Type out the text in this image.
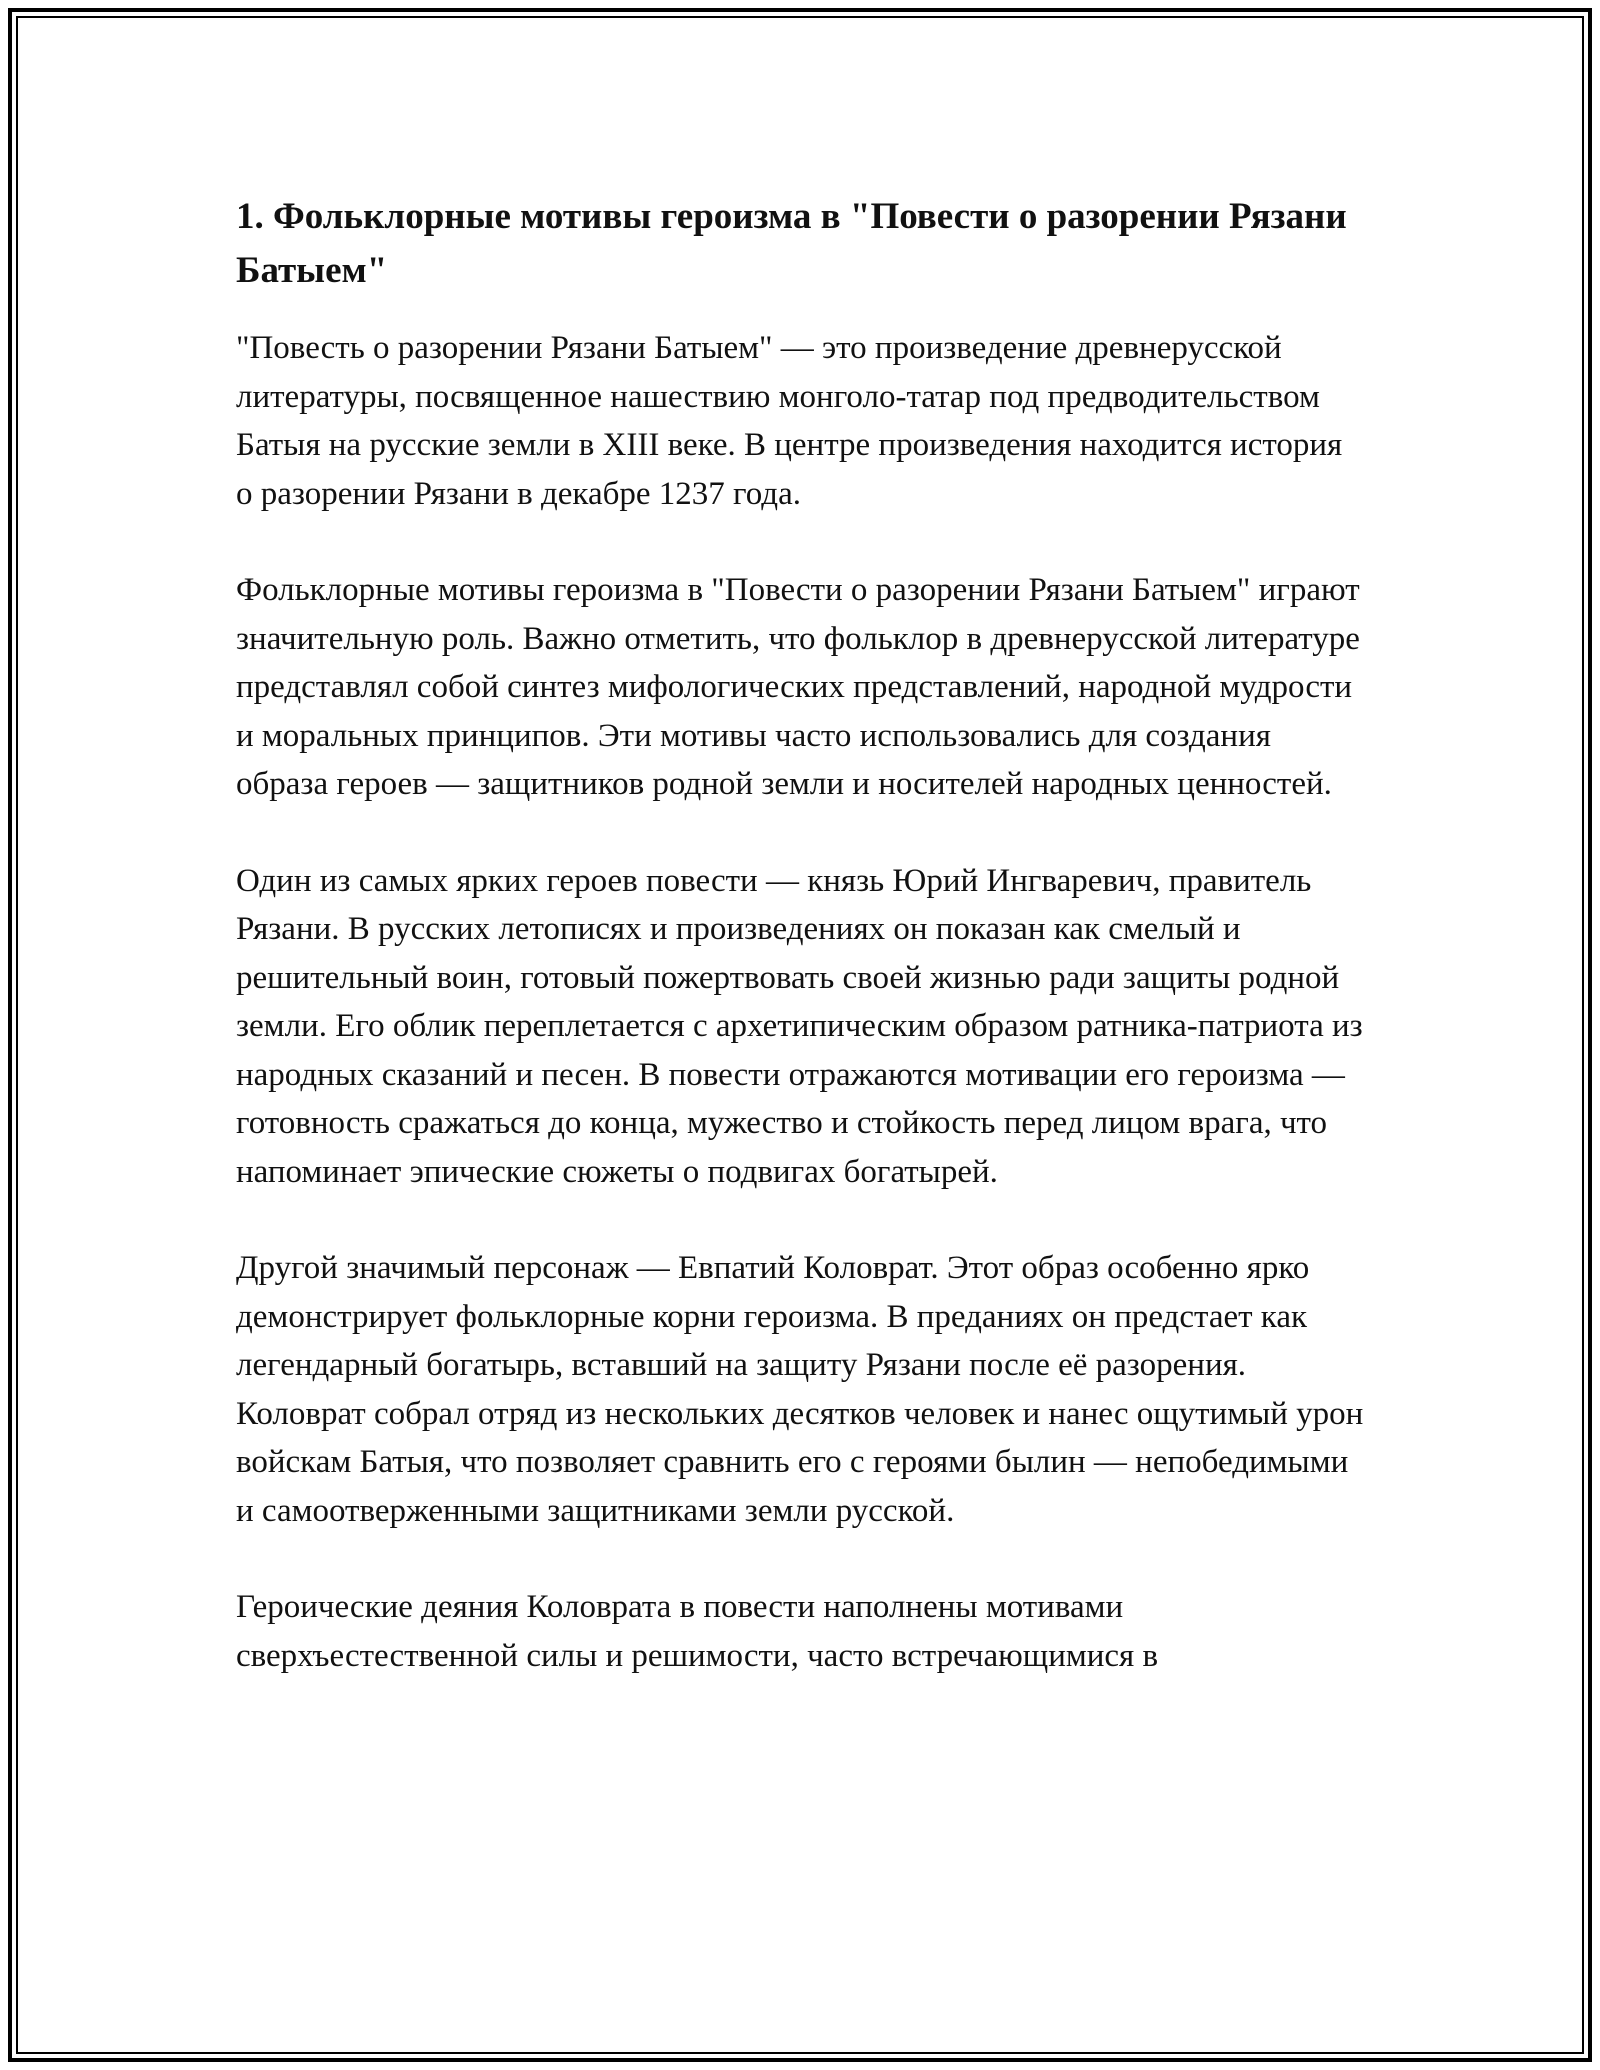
1. Фольклорные мотивы героизма в "Повести о разорении Рязани Батыем"

"Повесть о разорении Рязани Батыем" — это произведение древнерусской литературы, посвященное нашествию монголо-татар под предводительством Батыя на русские земли в XIII веке. В центре произведения находится история о разорении Рязани в декабре 1237 года.

Фольклорные мотивы героизма в "Повести о разорении Рязани Батыем" играют значительную роль. Важно отметить, что фольклор в древнерусской литературе представлял собой синтез мифологических представлений, народной мудрости и моральных принципов. Эти мотивы часто использовались для создания образа героев — защитников родной земли и носителей народных ценностей.

Один из самых ярких героев повести — князь Юрий Ингваревич, правитель Рязани. В русских летописях и произведениях он показан как смелый и решительный воин, готовый пожертвовать своей жизнью ради защиты родной земли. Его облик переплетается с архетипическим образом ратника-патриота из народных сказаний и песен. В повести отражаются мотивации его героизма — готовность сражаться до конца, мужество и стойкость перед лицом врага, что напоминает эпические сюжеты о подвигах богатырей.

Другой значимый персонаж — Евпатий Коловрат. Этот образ особенно ярко демонстрирует фольклорные корни героизма. В преданиях он предстает как легендарный богатырь, вставший на защиту Рязани после её разорения. Коловрат собрал отряд из нескольких десятков человек и нанес ощутимый урон войскам Батыя, что позволяет сравнить его с героями былин — непобедимыми и самоотверженными защитниками земли русской.

Героические деяния Коловрата в повести наполнены мотивами сверхъестественной силы и решимости, часто встречающимися в
